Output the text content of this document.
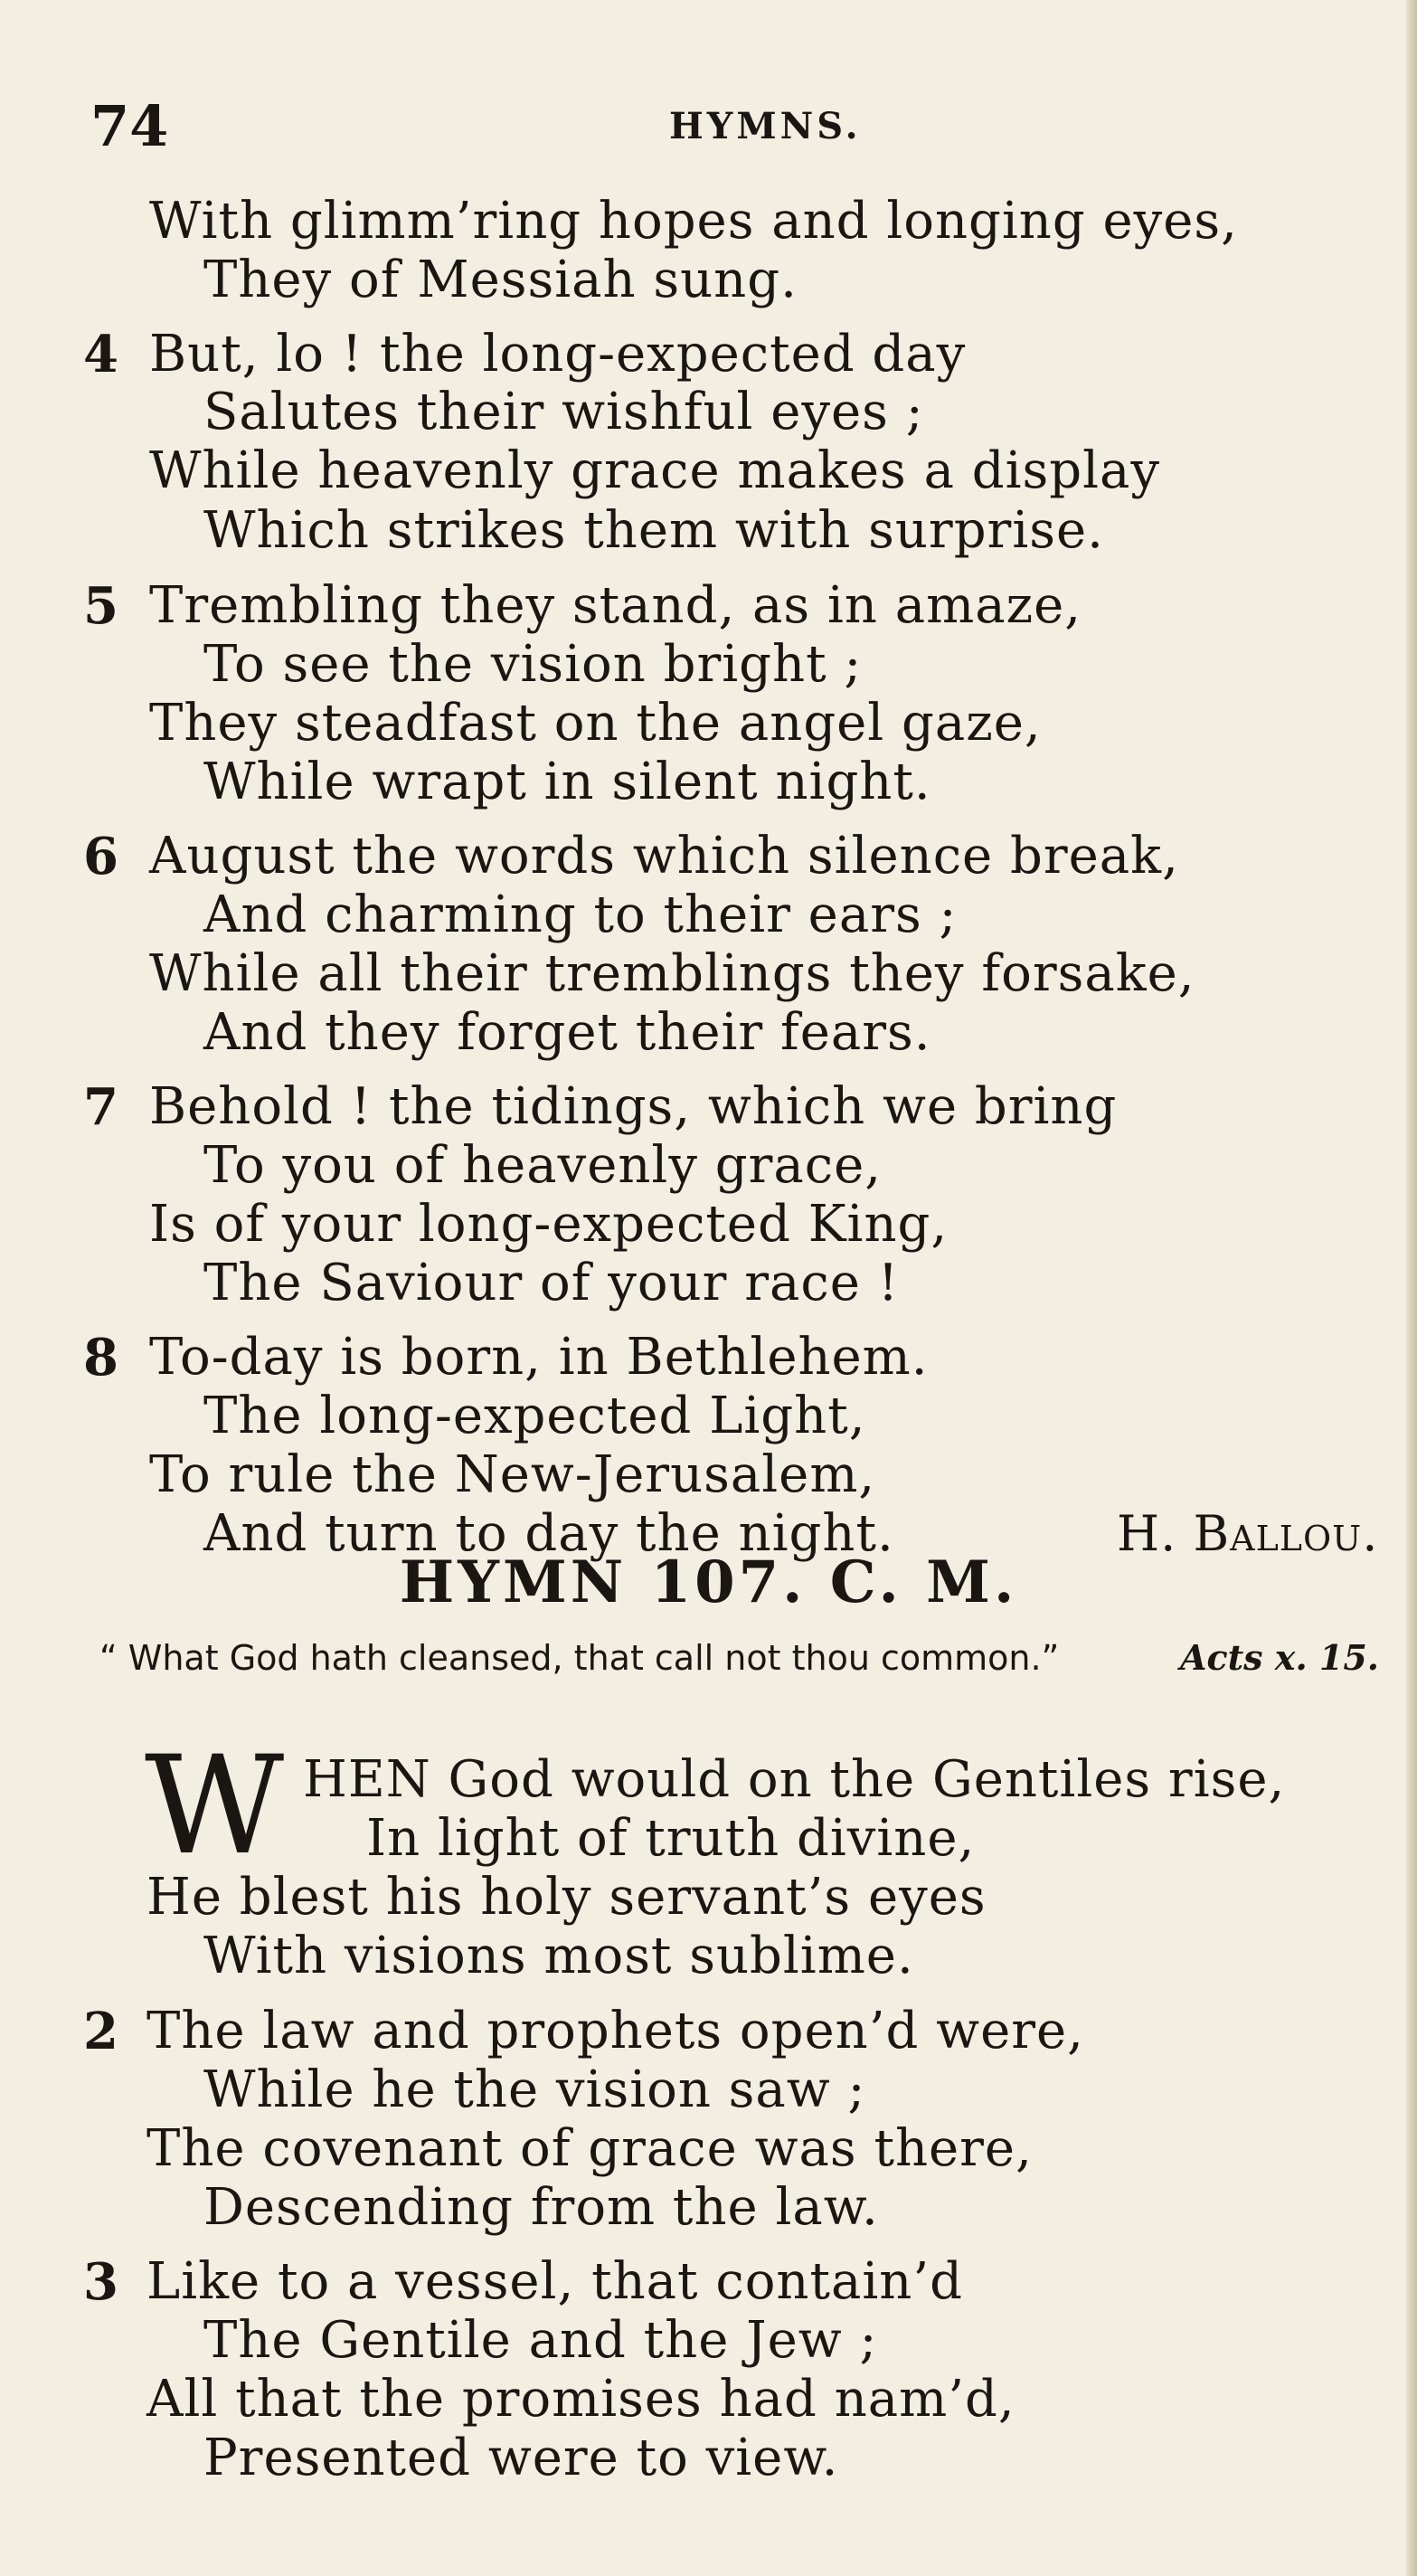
74	HYMNS.
With glimm’ring hopes and longing eyes,
They of Messiah sung.
4 But, lo ! the long-expected day
Salutes their wishful eyes ;
While heavenly grace makes a display
Which strikes them with surprise.
5 Trembling they stand, as in amaze,
To see the vision bright ;
They steadfast on the angel gaze,
While wrapt in silent night.
6 August the words which silence break,
And charming to their ears ;
While all their tremblings they forsake,
And they forget their fears.
7 Behold ! the tidings, which we bring
To you of heavenly grace,
Is of your long-expected King,
The Saviour of your race !
8 To-day is born, in Bethlehem.
The long-expected Light,
To rule the New-Jerusalem,
And turn to day the night.	H. Ballou.
HYMN 107. C. M.
“ What God hath cleansed, that call not thou common.”	Acts x. 15.
W HEN God would on the Gentiles rise,
In light of truth divine,
He blest his holy servant’s eyes
With visions most sublime.
2 The law and prophets open’d were,
While he the vision saw ;
The covenant of grace was there,
Descending from the law.
3 Like to a vessel, that contain’d
The Gentile and the Jew ;
All that the promises had nam’d,
Presented were to view.
